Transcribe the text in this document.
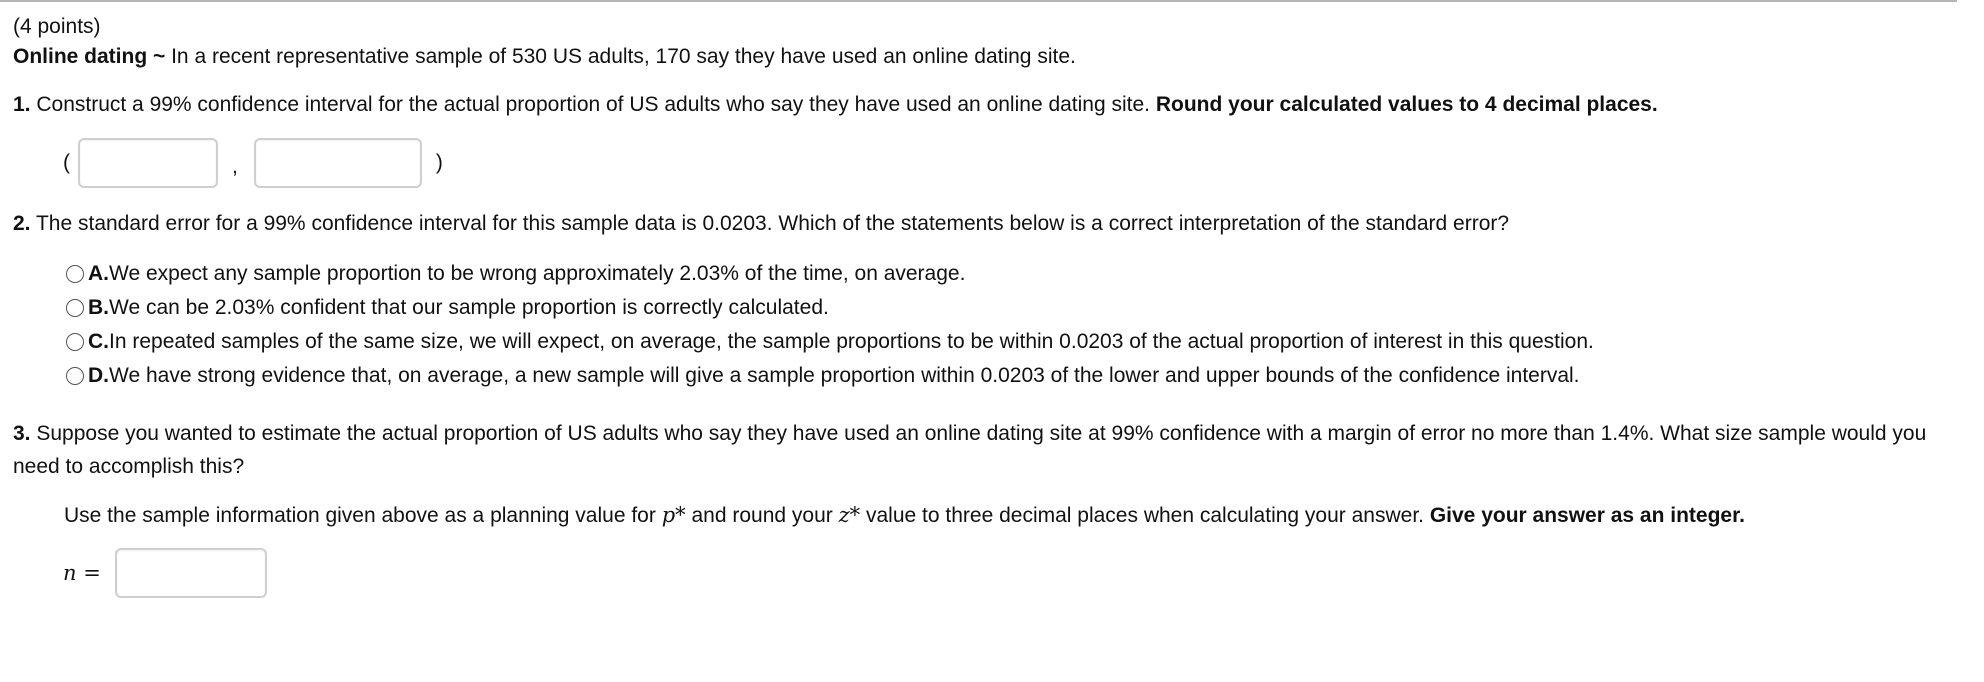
(4 points)

Online dating ~ In a recent representative sample of 530 US adults, 170 say they have used an online dating site.

1. Construct a 99% confidence interval for the actual proportion of US adults who say they have used an online dating site. Round your calculated values to 4 decimal places.

(	,	)

2. The standard error for a 99% confidence interval for this sample data is 0.0203. Which of the statements below is a correct interpretation of the standard error?

A. We expect any sample proportion to be wrong approximately 2.03% of the time, on average.
B. We can be 2.03% confident that our sample proportion is correctly calculated.
C. In repeated samples of the same size, we will expect, on average, the sample proportions to be within 0.0203 of the actual proportion of interest in this question.
D. We have strong evidence that, on average, a new sample will give a sample proportion within 0.0203 of the lower and upper bounds of the confidence interval.

3. Suppose you wanted to estimate the actual proportion of US adults who say they have used an online dating site at 99% confidence with a margin of error no more than 1.4%. What size sample would you need to accomplish this?

Use the sample information given above as a planning value for p* and round your z* value to three decimal places when calculating your answer. Give your answer as an integer.

n =
